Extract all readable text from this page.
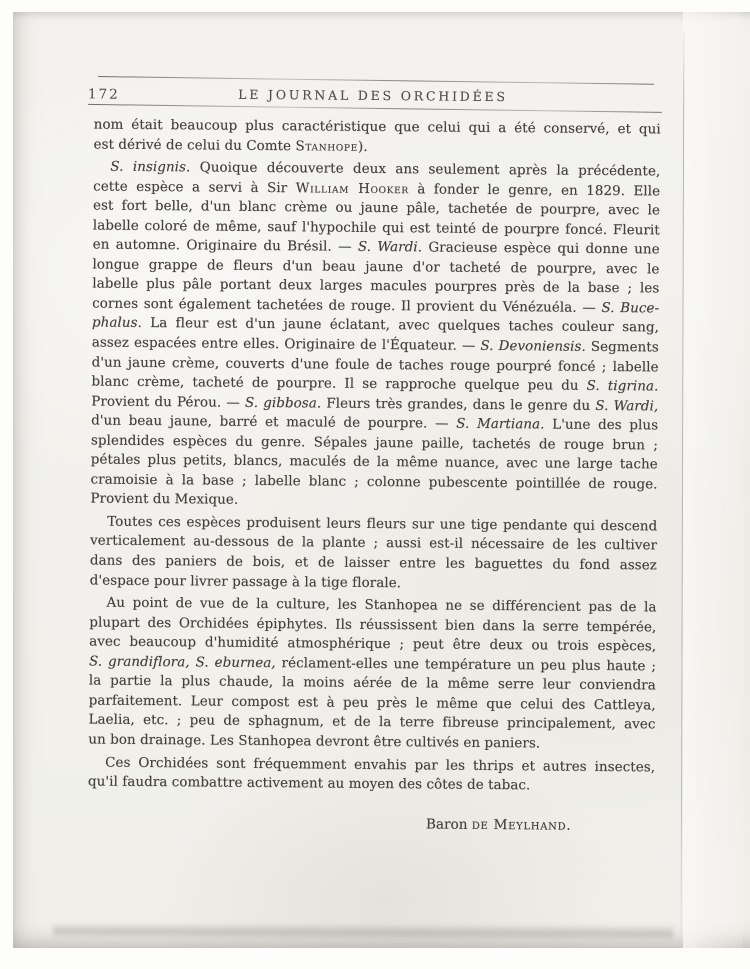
172	LE JOURNAL DES ORCHIDÉES
nom était beaucoup plus caractéristique que celui qui a été conservé, et qui
est dérivé de celui du Comte Stanhope).
S. insignis. Quoique découverte deux ans seulement après la précédente,
cette espèce a servi à Sir William Hooker à fonder le genre, en 1829. Elle
est fort belle, d'un blanc crème ou jaune pâle, tachetée de pourpre, avec le
labelle coloré de même, sauf l'hypochile qui est teinté de pourpre foncé. Fleurit
en automne. Originaire du Brésil. — S. Wardi. Gracieuse espèce qui donne une
longue grappe de fleurs d'un beau jaune d'or tacheté de pourpre, avec le
labelle plus pâle portant deux larges macules pourpres près de la base ; les
cornes sont également tachetées de rouge. Il provient du Vénézuéla. — S. Buce-
phalus. La fleur est d'un jaune éclatant, avec quelques taches couleur sang,
assez espacées entre elles. Originaire de l'Équateur. — S. Devoniensis. Segments
d'un jaune crème, couverts d'une foule de taches rouge pourpré foncé ; labelle
blanc crème, tacheté de pourpre. Il se rapproche quelque peu du S. tigrina.
Provient du Pérou. — S. gibbosa. Fleurs très grandes, dans le genre du S. Wardi,
d'un beau jaune, barré et maculé de pourpre. — S. Martiana. L'une des plus
splendides espèces du genre. Sépales jaune paille, tachetés de rouge brun ;
pétales plus petits, blancs, maculés de la même nuance, avec une large tache
cramoisie à la base ; labelle blanc ; colonne pubescente pointillée de rouge.
Provient du Mexique.
Toutes ces espèces produisent leurs fleurs sur une tige pendante qui descend
verticalement au-dessous de la plante ; aussi est-il nécessaire de les cultiver
dans des paniers de bois, et de laisser entre les baguettes du fond assez
d'espace pour livrer passage à la tige florale.
Au point de vue de la culture, les Stanhopea ne se différencient pas de la
plupart des Orchidées épiphytes. Ils réussissent bien dans la serre tempérée,
avec beaucoup d'humidité atmosphérique ; peut être deux ou trois espèces,
S. grandiflora, S. eburnea, réclament-elles une température un peu plus haute ;
la partie la plus chaude, la moins aérée de la même serre leur conviendra
parfaitement. Leur compost est à peu près le même que celui des Cattleya,
Laelia, etc. ; peu de sphagnum, et de la terre fibreuse principalement, avec
un bon drainage. Les Stanhopea devront être cultivés en paniers.
Ces Orchidées sont fréquemment envahis par les thrips et autres insectes,
qu'il faudra combattre activement au moyen des côtes de tabac.
Baron de Meylhand.
